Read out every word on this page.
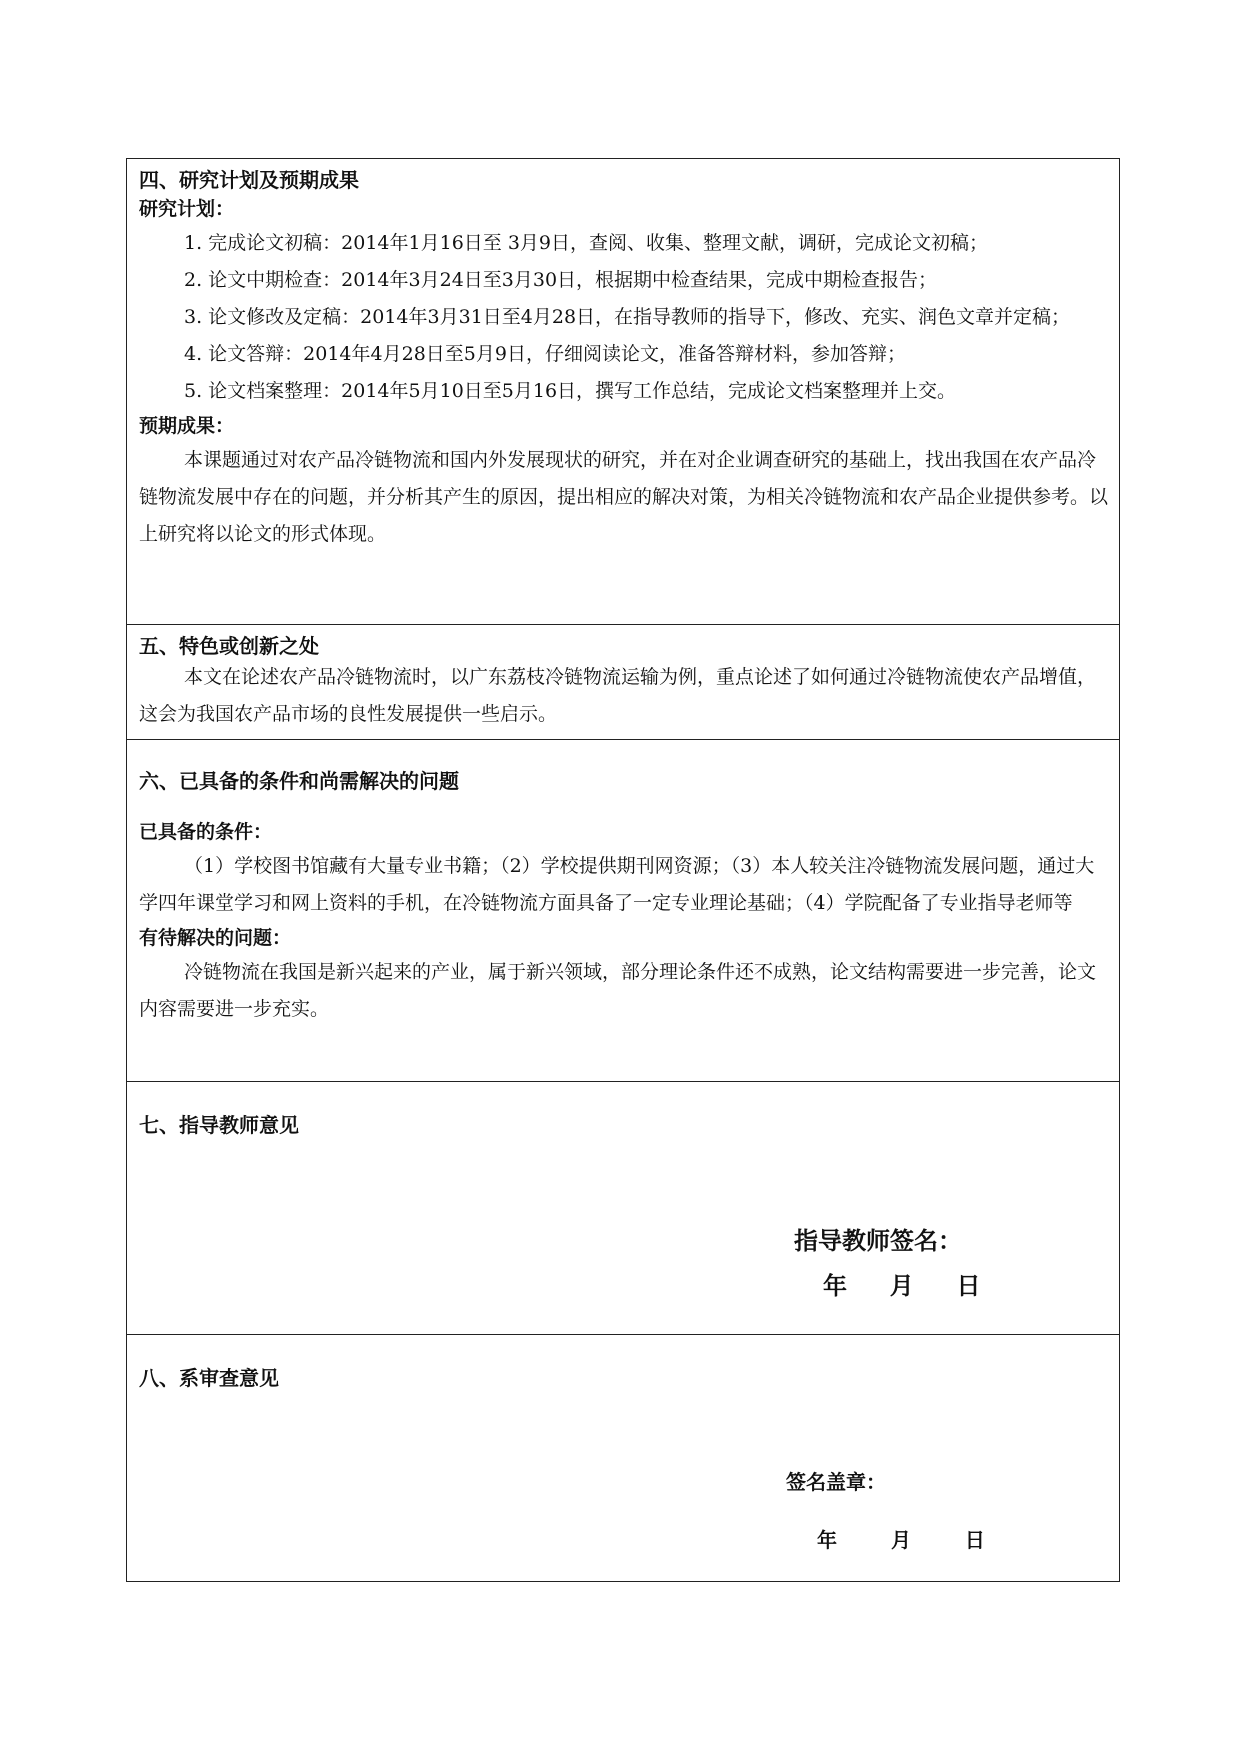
四、研究计划及预期成果

研究计划：

1. 完成论文初稿：2014年1月16日至 3月9日，查阅、收集、整理文献，调研，完成论文初稿；

2. 论文中期检查：2014年3月24日至3月30日，根据期中检查结果，完成中期检查报告；

3. 论文修改及定稿：2014年3月31日至4月28日，在指导教师的指导下，修改、充实、润色文章并定稿；

4. 论文答辩：2014年4月28日至5月9日，仔细阅读论文，准备答辩材料，参加答辩；

5. 论文档案整理：2014年5月10日至5月16日，撰写工作总结，完成论文档案整理并上交。

预期成果：

本课题通过对农产品冷链物流和国内外发展现状的研究，并在对企业调查研究的基础上，找出我国在农产品冷链物流发展中存在的问题，并分析其产生的原因，提出相应的解决对策，为相关冷链物流和农产品企业提供参考。以上研究将以论文的形式体现。

五、特色或创新之处

本文在论述农产品冷链物流时，以广东荔枝冷链物流运输为例，重点论述了如何通过冷链物流使农产品增值，这会为我国农产品市场的良性发展提供一些启示。

六、已具备的条件和尚需解决的问题

已具备的条件：

（1）学校图书馆藏有大量专业书籍；（2）学校提供期刊网资源；（3）本人较关注冷链物流发展问题，通过大学四年课堂学习和网上资料的手机，在冷链物流方面具备了一定专业理论基础；（4）学院配备了专业指导老师等

有待解决的问题：

冷链物流在我国是新兴起来的产业，属于新兴领域，部分理论条件还不成熟，论文结构需要进一步完善，论文内容需要进一步充实。

七、指导教师意见

指导教师签名：
年 月 日

八、系审查意见

签名盖章：
年	月	日
